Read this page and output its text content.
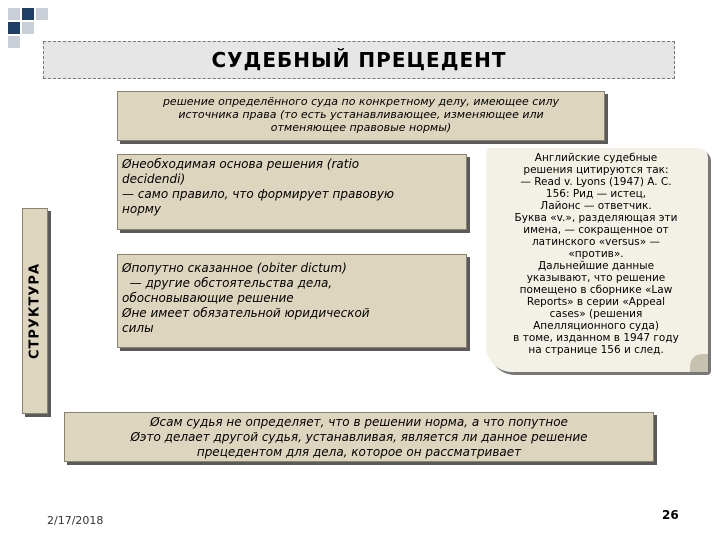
СУДЕБНЫЙ ПРЕЦЕДЕНТ
решение определённого суда по конкретному делу, имеющее силу
источника права (то есть устанавливающее, изменяющее или
отменяющее правовые нормы)
СТРУКТУРА
Øнеобходимая основа решения (ratio
decidendi)
— само правило, что формирует правовую
норму
Øпопутно сказанное (obiter dictum)
— другие обстоятельства дела,
обосновывающие решение
Øне имеет обязательной юридической
силы
Английские судебные
решения цитируются так:
— Read v. Lyons (1947) A. C.
156: Рид — истец,
Лайонс — ответчик.
Буква «v.», разделяющая эти
имена, — сокращенное от
латинского «versus» —
«против».
Дальнейшие данные
указывают, что решение
помещено в сборнике «Law
Reports» в серии «Appeal
cases» (решения
Апелляционного суда)
в томе, изданном в 1947 году
на странице 156 и след.
Øсам судья не определяет, что в решении норма, а что попутное
Øэто делает другой судья, устанавливая, является ли данное решение
прецедентом для дела, которое он рассматривает
2/17/2018	26
